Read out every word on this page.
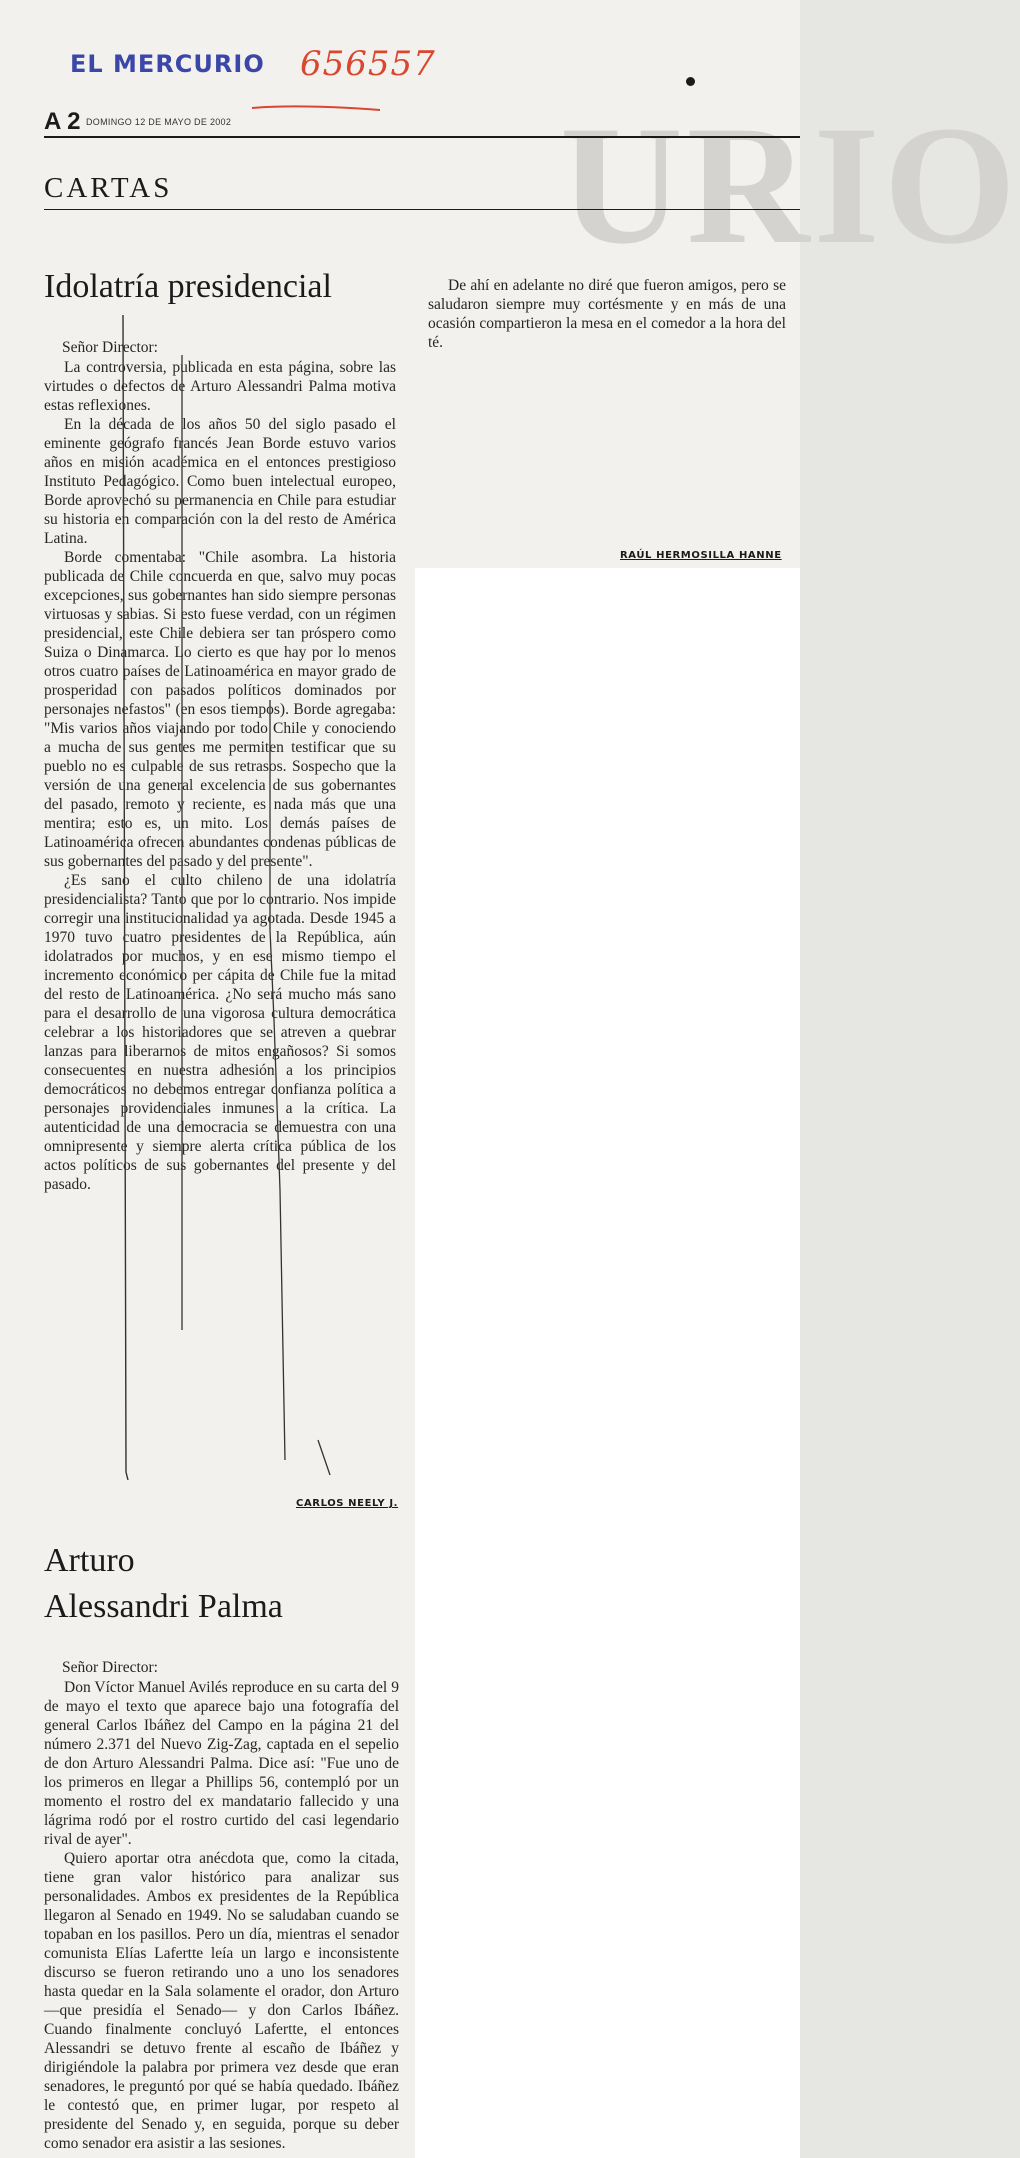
URIO
EL MERCURIO 656557
A 2 DOMINGO 12 DE MAYO DE 2002
CARTAS
Idolatría presidencial

Señor Director:

La controversia, publicada en esta página, sobre las virtudes o defectos de Arturo Alessandri Palma motiva estas reflexiones.

En la década de los años 50 del siglo pasado el eminente geógrafo francés Jean Borde estuvo varios años en misión académica en el entonces prestigioso Instituto Pedagógico. Como buen intelectual europeo, Borde aprovechó su permanencia en Chile para estudiar su historia en comparación con la del resto de América Latina.

Borde comentaba: "Chile asombra. La historia publicada de Chile concuerda en que, salvo muy pocas excepciones, sus gobernantes han sido siempre personas virtuosas y sabias. Si esto fuese verdad, con un régimen presidencial, este Chile debiera ser tan próspero como Suiza o Dinamarca. Lo cierto es que hay por lo menos otros cuatro países de Latinoamérica en mayor grado de prosperidad con pasados políticos dominados por personajes nefastos" (en esos tiempos). Borde agregaba: "Mis varios años viajando por todo Chile y conociendo a mucha de sus gentes me permiten testificar que su pueblo no es culpable de sus retrasos. Sospecho que la versión de una general excelencia de sus gobernantes del pasado, remoto y reciente, es nada más que una mentira; esto es, un mito. Los demás países de Latinoamérica ofrecen abundantes condenas públicas de sus gobernantes del pasado y del presente".

¿Es sano el culto chileno de una idolatría presidencialista? Tanto que por lo contrario. Nos impide corregir una institucionalidad ya agotada. Desde 1945 a 1970 tuvo cuatro presidentes de la República, aún idolatrados por muchos, y en ese mismo tiempo el incremento económico per cápita de Chile fue la mitad del resto de Latinoamérica. ¿No será mucho más sano para el desarrollo de una vigorosa cultura democrática celebrar a los historiadores que se atreven a quebrar lanzas para liberarnos de mitos engañosos? Si somos consecuentes en nuestra adhesión a los principios democráticos no debemos entregar confianza política a personajes providenciales inmunes a la crítica. La autenticidad de una democracia se demuestra con una omnipresente y siempre alerta crítica pública de los actos políticos de sus gobernantes del presente y del pasado.

CARLOS NEELY J.
Arturo
Alessandri Palma

Señor Director:

Don Víctor Manuel Avilés reproduce en su carta del 9 de mayo el texto que aparece bajo una fotografía del general Carlos Ibáñez del Campo en la página 21 del número 2.371 del Nuevo Zig-Zag, captada en el sepelio de don Arturo Alessandri Palma. Dice así: "Fue uno de los primeros en llegar a Phillips 56, contempló por un momento el rostro del ex mandatario fallecido y una lágrima rodó por el rostro curtido del casi legendario rival de ayer".

Quiero aportar otra anécdota que, como la citada, tiene gran valor histórico para analizar sus personalidades. Ambos ex presidentes de la República llegaron al Senado en 1949. No se saludaban cuando se topaban en los pasillos. Pero un día, mientras el senador comunista Elías Lafertte leía un largo e inconsistente discurso se fueron retirando uno a uno los senadores hasta quedar en la Sala solamente el orador, don Arturo —que presidía el Senado— y don Carlos Ibáñez. Cuando finalmente concluyó Lafertte, el entonces Alessandri se detuvo frente al escaño de Ibáñez y dirigiéndole la palabra por primera vez desde que eran senadores, le preguntó por qué se había quedado. Ibáñez le contestó que, en primer lugar, por respeto al presidente del Senado y, en seguida, porque su deber como senador era asistir a las sesiones.

De ahí en adelante no diré que fueron amigos, pero se saludaron siempre muy cortésmente y en más de una ocasión compartieron la mesa en el comedor a la hora del té.

RAÚL HERMOSILLA HANNE
